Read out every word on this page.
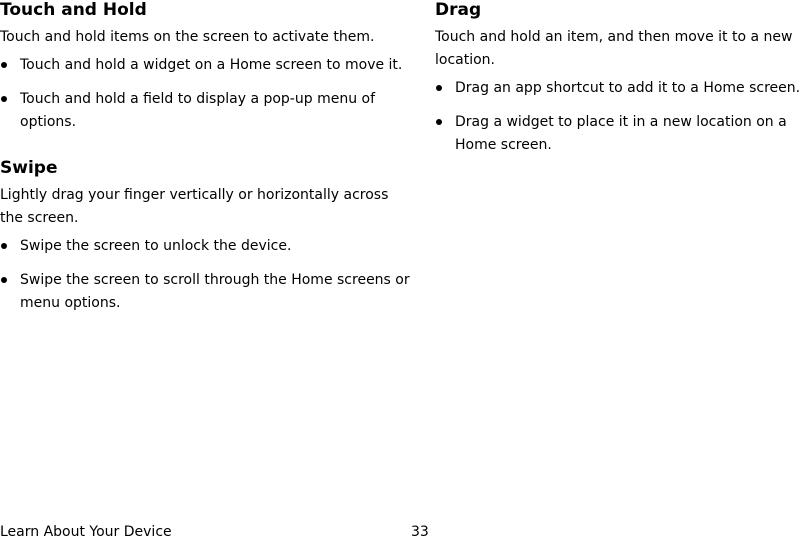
Touch and Hold

Touch and hold items on the screen to activate them.

Touch and hold a widget on a Home screen to move it.
Touch and hold a field to display a pop-up menu of options.
Swipe

Lightly drag your finger vertically or horizontally across the screen.

Swipe the screen to unlock the device.
Swipe the screen to scroll through the Home screens or menu options.
Drag

Touch and hold an item, and then move it to a new location.

Drag an app shortcut to add it to a Home screen.
Drag a widget to place it in a new location on a Home screen.
Learn About Your Device	33
